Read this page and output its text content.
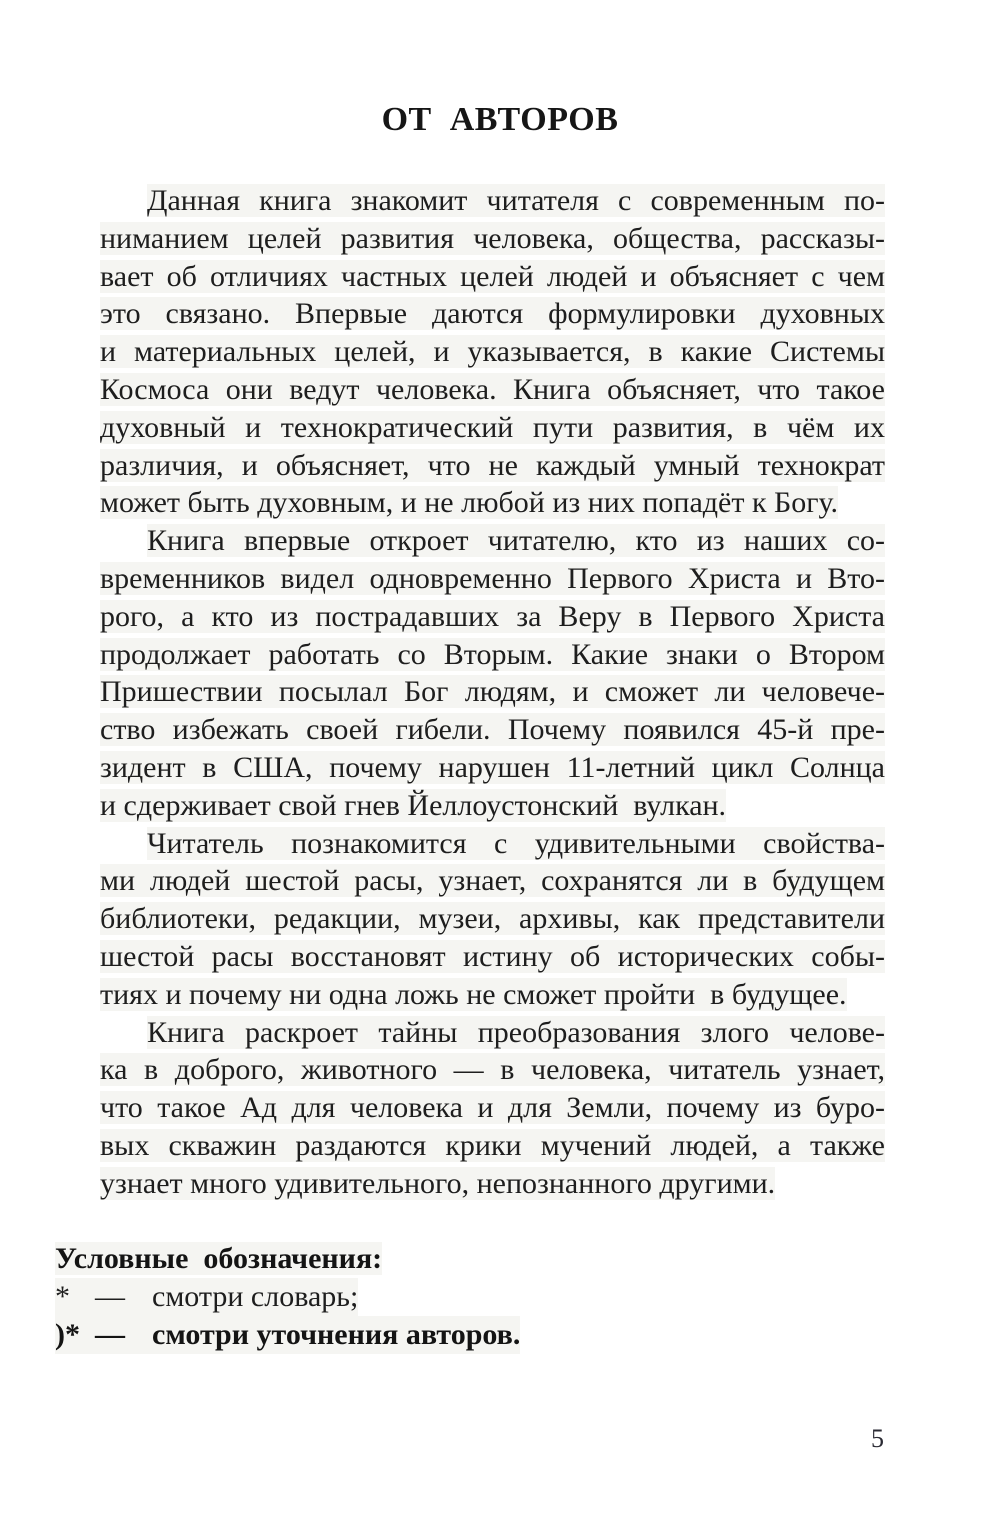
ОТ  АВТОРОВ
Данная книга знакомит читателя с современным по-
ниманием целей развития человека, общества, рассказы-
вает об отличиях частных целей людей и объясняет с чем
это связано. Впервые даются формулировки духовных
и материальных целей, и указывается, в какие Системы
Космоса они ведут человека. Книга объясняет, что такое
духовный и технократический пути развития, в чём их
различия, и объясняет, что не каждый умный технократ
может быть духовным, и не любой из них попадёт к Богу.
Книга впервые откроет читателю, кто из наших со-
временников видел одновременно Первого Христа и Вто-
рого, а кто из пострадавших за Веру в Первого Христа
продолжает работать со Вторым. Какие знаки о Втором
Пришествии посылал Бог людям, и сможет ли человече-
ство избежать своей гибели. Почему появился 45-й пре-
зидент в США, почему нарушен 11-летний цикл Солнца
и сдерживает свой гнев Йеллоустонский  вулкан.
Читатель познакомится с удивительными свойства-
ми людей шестой расы, узнает, сохранятся ли в будущем
библиотеки, редакции, музеи, архивы, как представители
шестой расы восстановят истину об исторических собы-
тиях и почему ни одна ложь не сможет пройти  в будущее.
Книга раскроет тайны преобразования злого челове-
ка в доброго, животного — в человека, читатель узнает,
что такое Ад для человека и для Земли, почему из буро-
вых скважин раздаются крики мучений людей, а также
узнает много удивительного, непознанного другими.
Условные  обозначения:
* — смотри словарь;
)* — смотри уточнения авторов.
5
